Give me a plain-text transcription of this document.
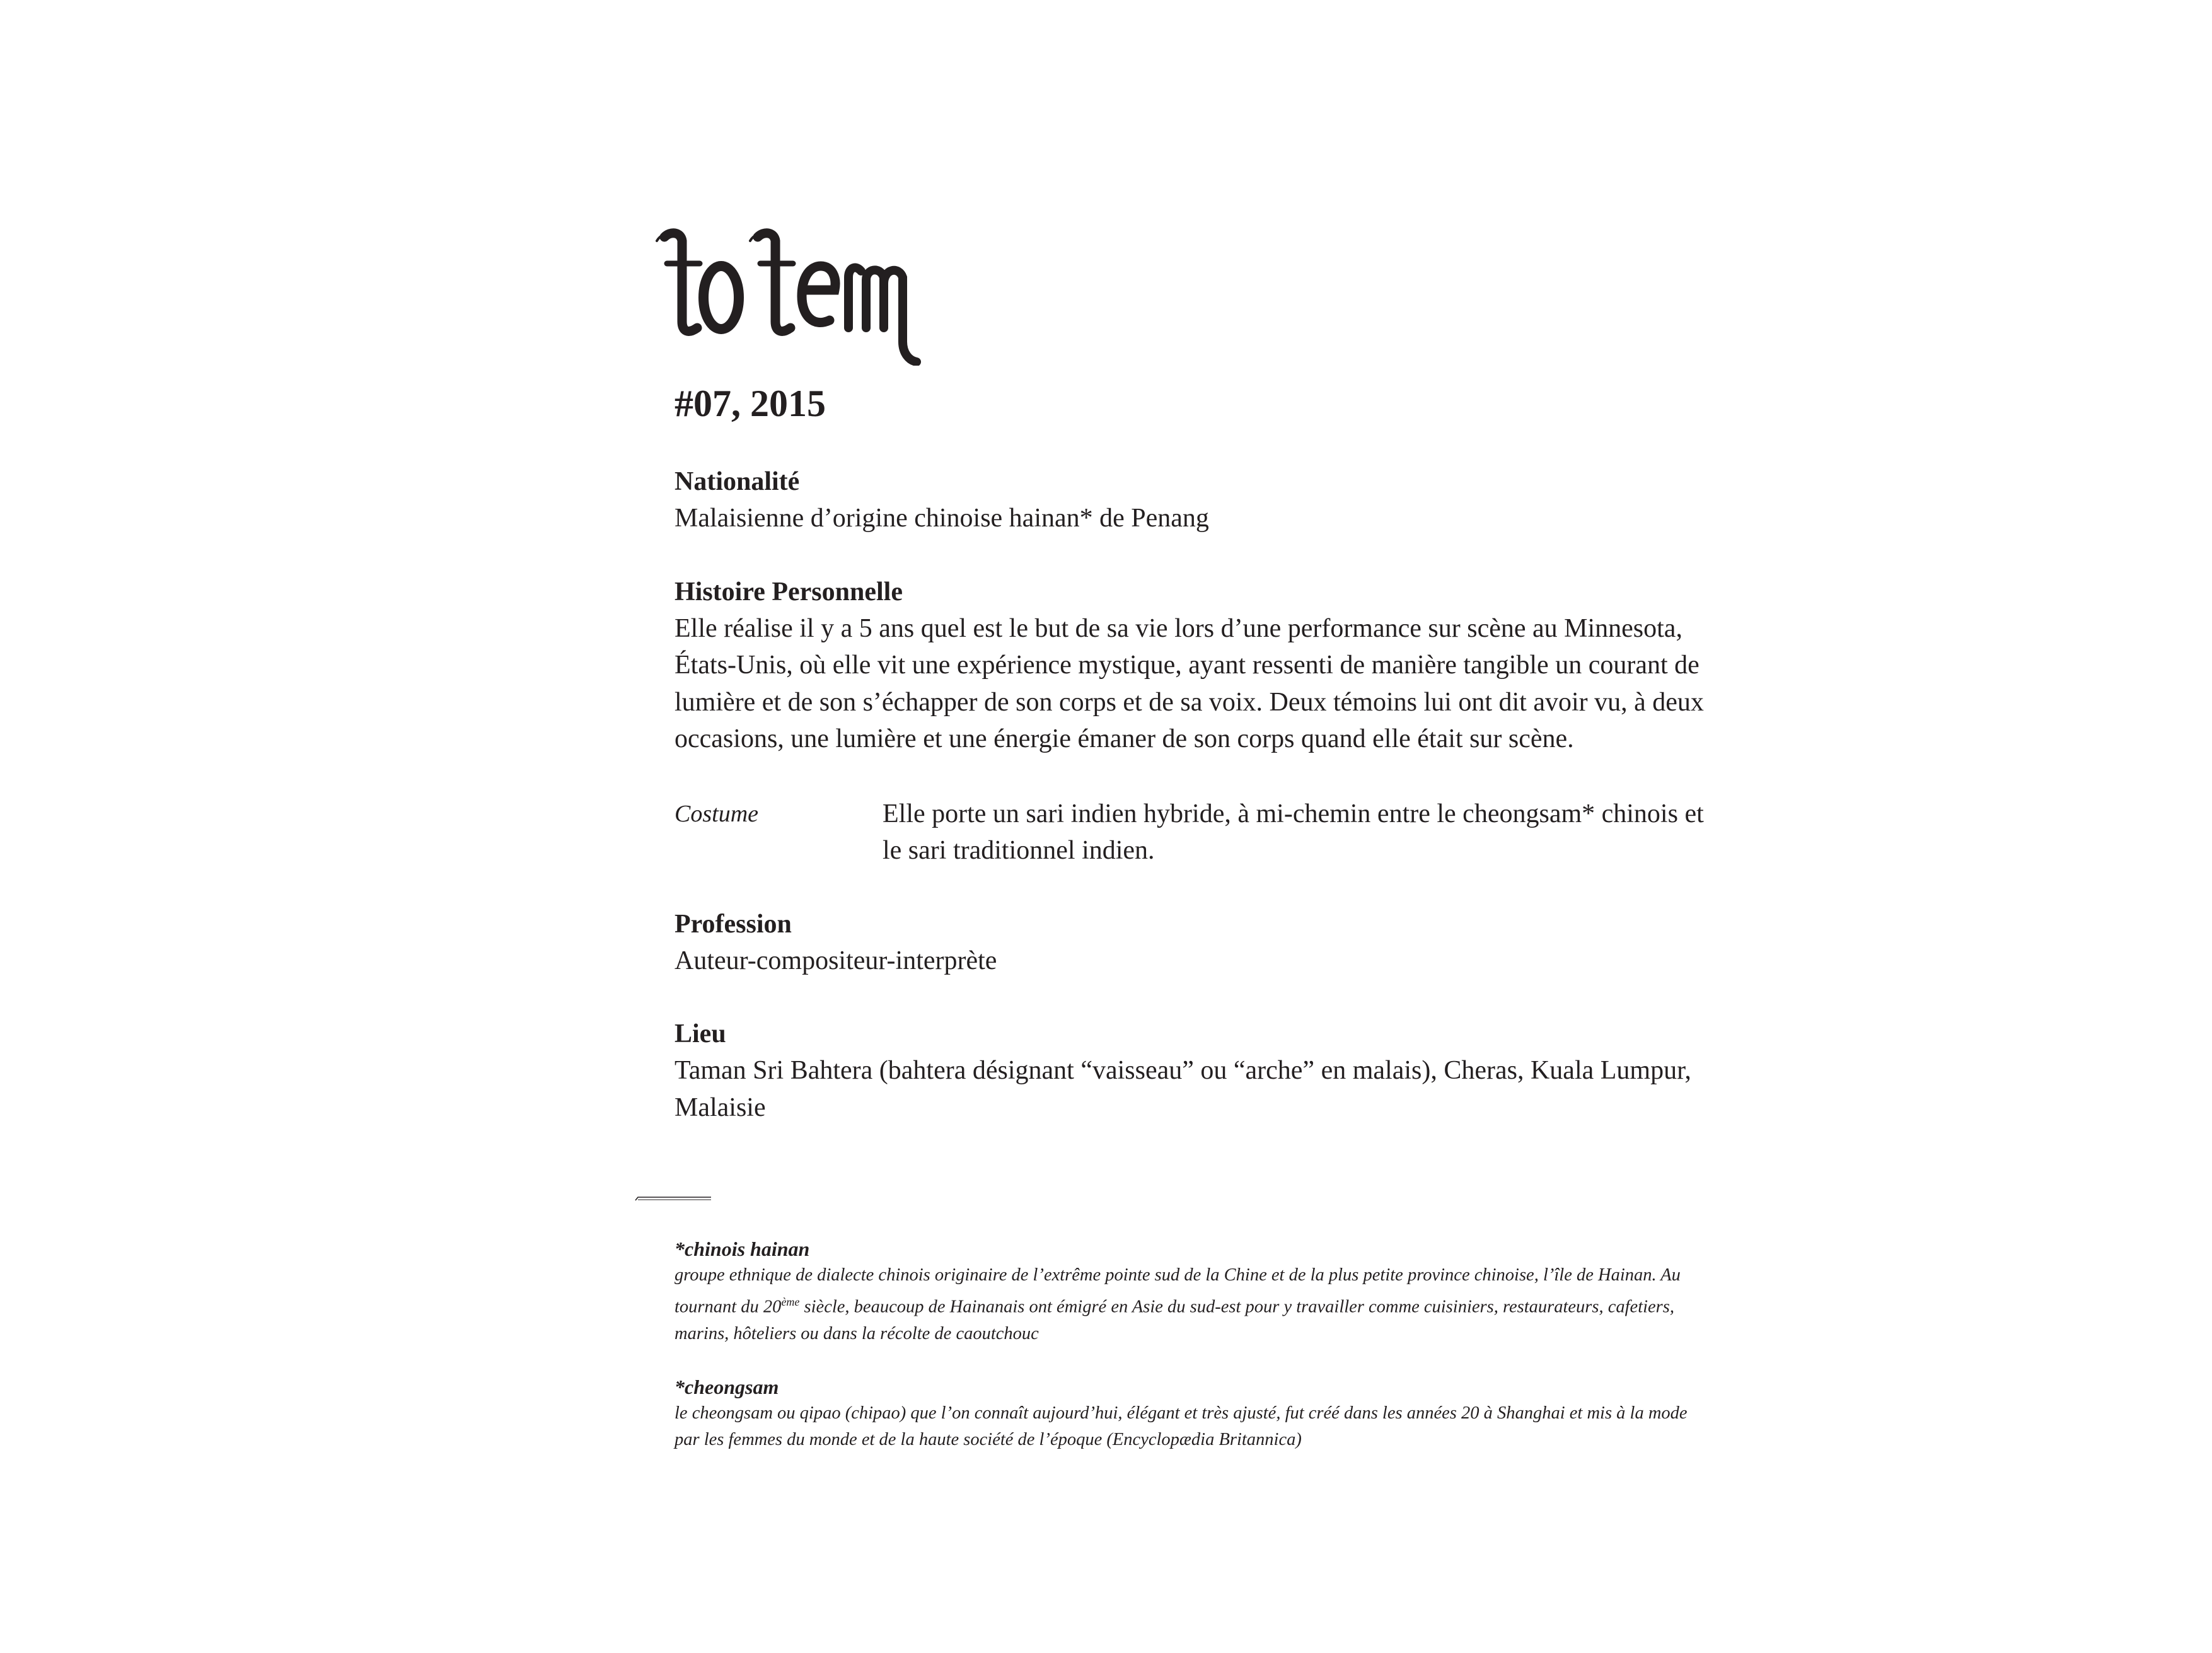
#07, 2015
Nationalité

Malaisienne d’origine chinoise hainan* de Penang

Histoire Personnelle

Elle réalise il y a 5 ans quel est le but de sa vie lors d’une performance sur scène au Minnesota, États-Unis, où elle vit une expérience mystique, ayant ressenti de manière tangible un courant de lumière et de son s’échapper de son corps et de sa voix. Deux témoins lui ont dit avoir vu, à deux occasions, une lumière et une énergie émaner de son corps quand elle était sur scène.

Costume	Elle porte un sari indien hybride, à mi-chemin entre le cheongsam* chinois et le sari traditionnel indien.

Profession

Auteur-compositeur-interprète

Lieu

Taman Sri Bahtera (bahtera désignant “vaisseau” ou “arche” en malais), Cheras, Kuala Lumpur, Malaisie

*chinois hainan

groupe ethnique de dialecte chinois originaire de l’extrême pointe sud de la Chine et de la plus petite province chinoise, l’île de Hainan. Au tournant du 20ème siècle, beaucoup de Hainanais ont émigré en Asie du sud-est pour y travailler comme cuisiniers, restaurateurs, cafetiers, marins, hôteliers ou dans la récolte de caoutchouc

*cheongsam

le cheongsam ou qipao (chipao) que l’on connaît aujourd’hui, élégant et très ajusté, fut créé dans les années 20 à Shanghai et mis à la mode par les femmes du monde et de la haute société de l’époque (Encyclopædia Britannica)
